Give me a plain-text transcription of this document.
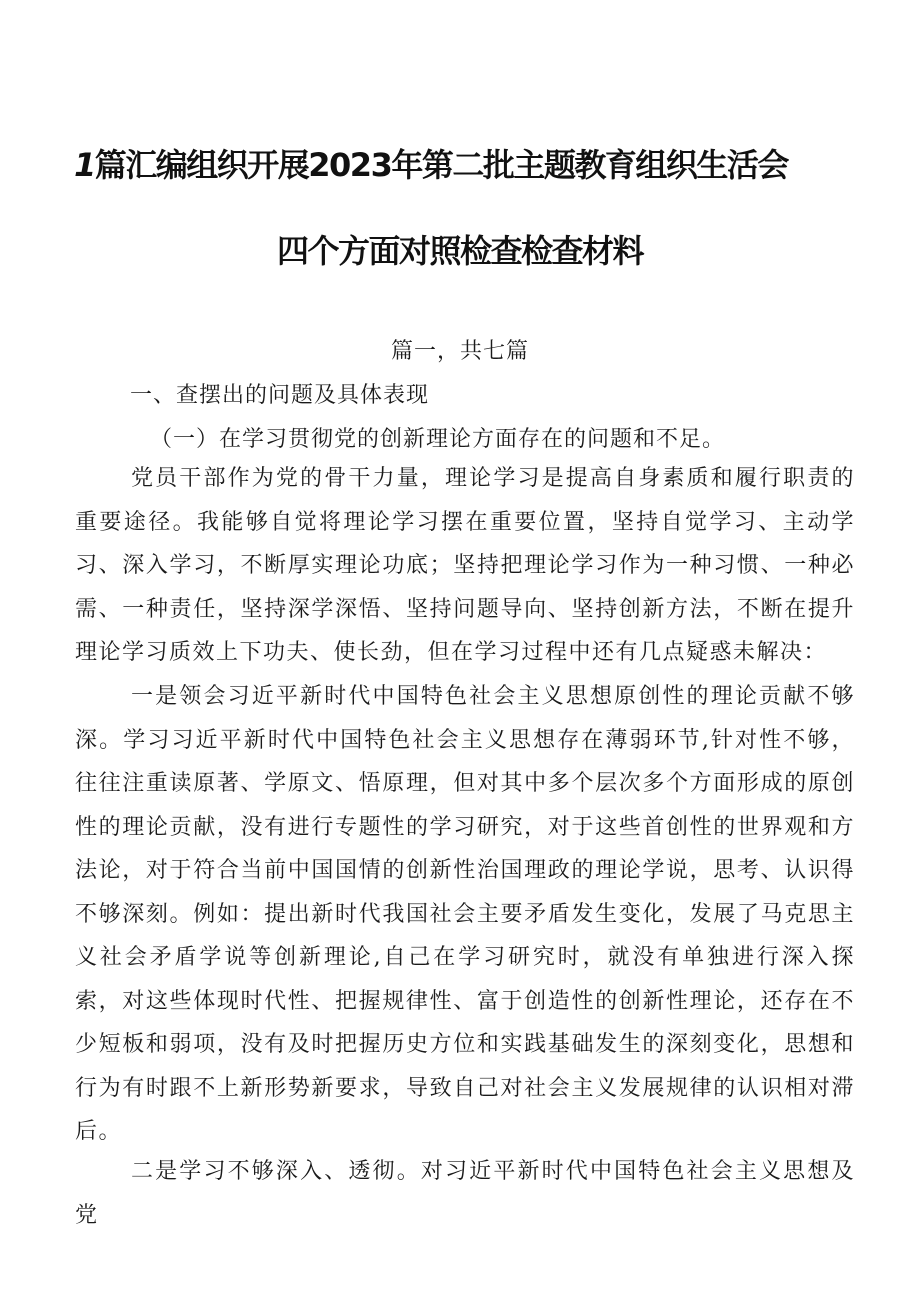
1篇汇编组织开展2023年第二批主题教育组织生活会
四个方面对照检查检查材料
篇一，共七篇
一、查摆出的问题及具体表现
（一）在学习贯彻党的创新理论方面存在的问题和不足。

党员干部作为党的骨干力量，理论学习是提高自身素质和履行职责的重要途径。我能够自觉将理论学习摆在重要位置，坚持自觉学习、主动学习、深入学习，不断厚实理论功底；坚持把理论学习作为一种习惯、一种必需、一种责任，坚持深学深悟、坚持问题导向、坚持创新方法，不断在提升理论学习质效上下功夫、使长劲，但在学习过程中还有几点疑惑未解决：

一是领会习近平新时代中国特色社会主义思想原创性的理论贡献不够深。学习习近平新时代中国特色社会主义思想存在薄弱环节,针对性不够，往往注重读原著、学原文、悟原理，但对其中多个层次多个方面形成的原创性的理论贡献，没有进行专题性的学习研究，对于这些首创性的世界观和方法论，对于符合当前中国国情的创新性治国理政的理论学说，思考、认识得不够深刻。例如：提出新时代我国社会主要矛盾发生变化，发展了马克思主义社会矛盾学说等创新理论,自己在学习研究时，就没有单独进行深入探索，对这些体现时代性、把握规律性、富于创造性的创新性理论，还存在不少短板和弱项，没有及时把握历史方位和实践基础发生的深刻变化，思想和行为有时跟不上新形势新要求，导致自己对社会主义发展规律的认识相对滞后。

二是学习不够深入、透彻。对习近平新时代中国特色社会主义思想及党
